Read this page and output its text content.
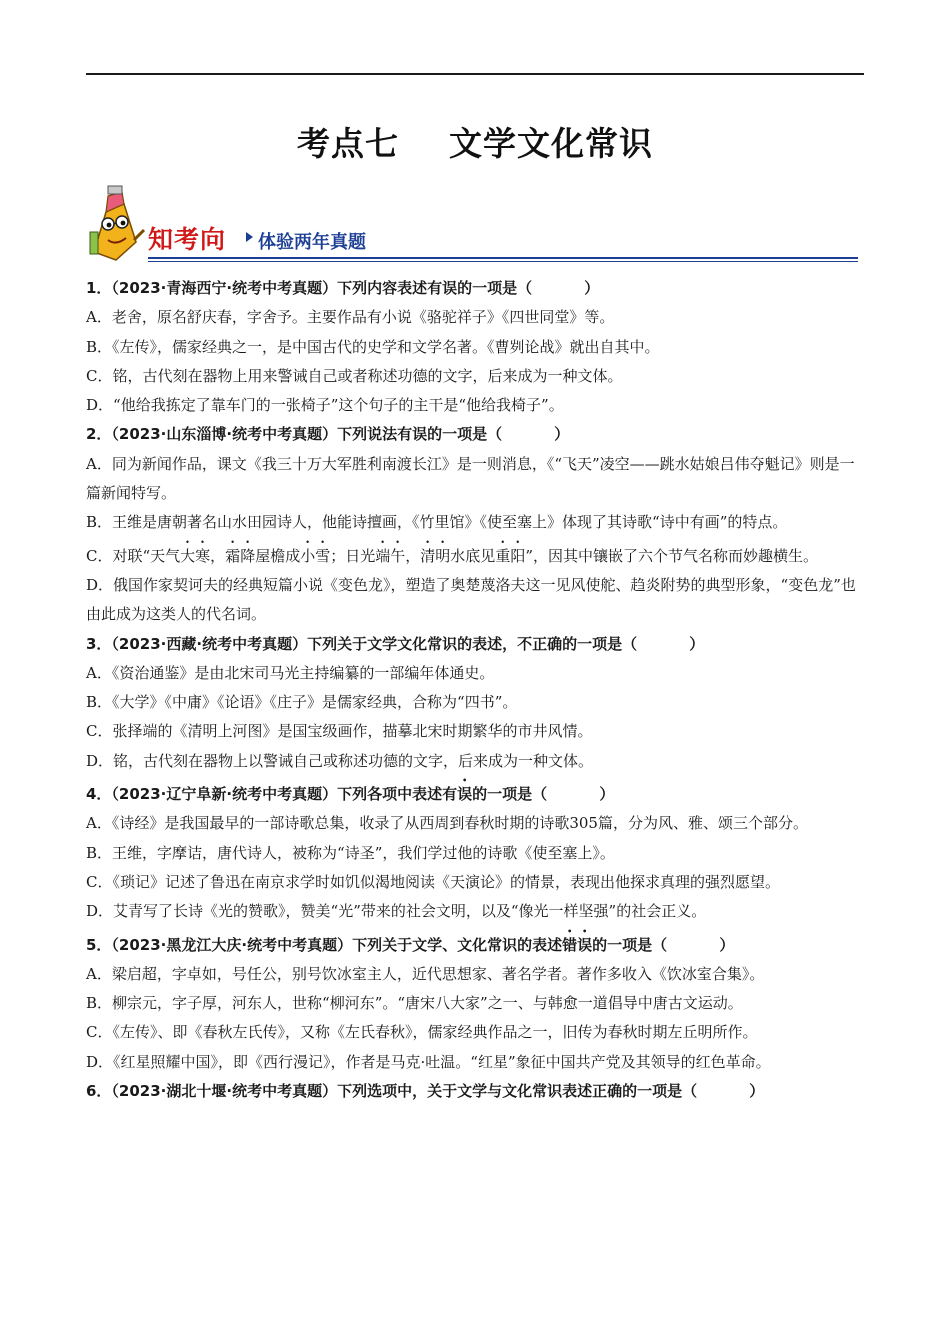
考点七    文学文化常识
知考向 体验两年真题
1．（2023·青海西宁·统考中考真题）下列内容表述有误的一项是（          ）
A．老舍，原名舒庆春，字舍予。主要作品有小说《骆驼祥子》《四世同堂》等。
B．《左传》，儒家经典之一，是中国古代的史学和文学名著。《曹刿论战》就出自其中。
C．铭，古代刻在器物上用来警诫自己或者称述功德的文字，后来成为一种文体。
D．“他给我拣定了靠车门的一张椅子”这个句子的主干是“他给我椅子”。
2．（2023·山东淄博·统考中考真题）下列说法有误的一项是（          ）
A．同为新闻作品，课文《我三十万大军胜利南渡长江》是一则消息，《“飞天”凌空——跳水姑娘吕伟夺魁记》则是一篇新闻特写。
B．王维是唐朝著名山水田园诗人，他能诗擅画，《竹里馆》《使至塞上》体现了其诗歌“诗中有画”的特点。
C．对联“天气大寒，霜降屋檐成小雪；日光端午，清明水底见重阳”，因其中镶嵌了六个节气名称而妙趣横生。
D．俄国作家契诃夫的经典短篇小说《变色龙》，塑造了奥楚蔑洛夫这一见风使舵、趋炎附势的典型形象，“变色龙”也由此成为这类人的代名词。
3．（2023·西藏·统考中考真题）下列关于文学文化常识的表述，不正确的一项是（          ）
A．《资治通鉴》是由北宋司马光主持编纂的一部编年体通史。
B．《大学》《中庸》《论语》《庄子》是儒家经典，合称为“四书”。
C．张择端的《清明上河图》是国宝级画作，描摹北宋时期繁华的市井风情。
D．铭，古代刻在器物上以警诫自己或称述功德的文字，后来成为一种文体。
4．（2023·辽宁阜新·统考中考真题）下列各项中表述有误的一项是（          ）
A．《诗经》是我国最早的一部诗歌总集，收录了从西周到春秋时期的诗歌305篇，分为风、雅、颂三个部分。
B．王维，字摩诘，唐代诗人，被称为“诗圣”，我们学过他的诗歌《使至塞上》。
C．《琐记》记述了鲁迅在南京求学时如饥似渴地阅读《天演论》的情景，表现出他探求真理的强烈愿望。
D．艾青写了长诗《光的赞歌》，赞美“光”带来的社会文明，以及“像光一样坚强”的社会正义。
5．（2023·黑龙江大庆·统考中考真题）下列关于文学、文化常识的表述错误的一项是（          ）
A．梁启超，字卓如，号任公，别号饮冰室主人，近代思想家、著名学者。著作多收入《饮冰室合集》。
B．柳宗元，字子厚，河东人，世称“柳河东”。“唐宋八大家”之一、与韩愈一道倡导中唐古文运动。
C．《左传》、即《春秋左氏传》，又称《左氏春秋》，儒家经典作品之一，旧传为春秋时期左丘明所作。
D．《红星照耀中国》，即《西行漫记》，作者是马克·吐温。“红星”象征中国共产党及其领导的红色革命。
6．（2023·湖北十堰·统考中考真题）下列选项中，关于文学与文化常识表述正确的一项是（          ）
